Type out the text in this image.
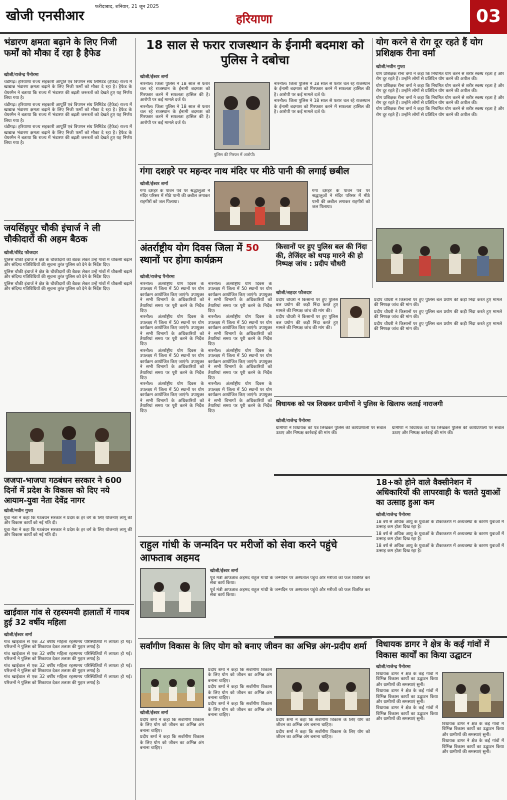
खोजी एनसीआर
फरीदाबाद, शनिवार, 21 जून 2025
हरियाणा	03
भंडारण क्षमता बढ़ाने के लिए निजी फर्मों को मौका दें रहा है हैफेड
खोजी/राजेन्द्र पैनोरमा

चंडीगढ़। हरियाणा राज्य सहकारी आपूर्ति एवं विपणन संघ लिमिटेड (हैफेड) राज्य में खाद्यान्न भंडारण क्षमता बढ़ाने के लिए निजी फर्मों को मौका दे रहा है। हैफेड के चेयरमैन ने बताया कि राज्य में भंडारण की बढ़ती जरूरतों को देखते हुए यह निर्णय लिया गया है।

चंडीगढ़। हरियाणा राज्य सहकारी आपूर्ति एवं विपणन संघ लिमिटेड (हैफेड) राज्य में खाद्यान्न भंडारण क्षमता बढ़ाने के लिए निजी फर्मों को मौका दे रहा है। हैफेड के चेयरमैन ने बताया कि राज्य में भंडारण की बढ़ती जरूरतों को देखते हुए यह निर्णय लिया गया है।

चंडीगढ़। हरियाणा राज्य सहकारी आपूर्ति एवं विपणन संघ लिमिटेड (हैफेड) राज्य में खाद्यान्न भंडारण क्षमता बढ़ाने के लिए निजी फर्मों को मौका दे रहा है। हैफेड के चेयरमैन ने बताया कि राज्य में भंडारण की बढ़ती जरूरतों को देखते हुए यह निर्णय लिया गया है।

जयसिंहपुर चौकी इंचार्ज ने ली चौकीदारों की अहम बैठक
खोजी/वीरेंद्र फौजदार

पुलिस चौकी इंचार्ज ने क्षेत्र के चौकीदारों की बैठक लेकर उन्हें गांवों में चौकसी बढ़ाने और संदिग्ध गतिविधियों की सूचना तुरंत पुलिस को देने के निर्देश दिए।

पुलिस चौकी इंचार्ज ने क्षेत्र के चौकीदारों की बैठक लेकर उन्हें गांवों में चौकसी बढ़ाने और संदिग्ध गतिविधियों की सूचना तुरंत पुलिस को देने के निर्देश दिए।

पुलिस चौकी इंचार्ज ने क्षेत्र के चौकीदारों की बैठक लेकर उन्हें गांवों में चौकसी बढ़ाने और संदिग्ध गतिविधियों की सूचना तुरंत पुलिस को देने के निर्देश दिए।

जजपा-भाजपा गठबंधन सरकार ने 600 दिनों में प्रदेश के विकास को दिए नये आयाम-युवा नेता देवेंद्र नागर
खोजी/नवीन गुप्ता

युवा नेता ने कहा कि गठबंधन सरकार ने प्रदेश के हर वर्ग के लिए योजनाएं लागू कीं और विकास कार्यों को नई गति दी।

युवा नेता ने कहा कि गठबंधन सरकार ने प्रदेश के हर वर्ग के लिए योजनाएं लागू कीं और विकास कार्यों को नई गति दी।

खाईवाल गांव से रहस्यमयी हालातों में गायब हुई 32 वर्षीय महिला
खोजी/ईश्वर शर्मा

गांव खाईवाल से एक 32 वर्षीय महिला रहस्यमय परिस्थितियों में लापता हो गई। परिजनों ने पुलिस को शिकायत देकर तलाश की गुहार लगाई है।

गांव खाईवाल से एक 32 वर्षीय महिला रहस्यमय परिस्थितियों में लापता हो गई। परिजनों ने पुलिस को शिकायत देकर तलाश की गुहार लगाई है।

गांव खाईवाल से एक 32 वर्षीय महिला रहस्यमय परिस्थितियों में लापता हो गई। परिजनों ने पुलिस को शिकायत देकर तलाश की गुहार लगाई है।

गांव खाईवाल से एक 32 वर्षीय महिला रहस्यमय परिस्थितियों में लापता हो गई। परिजनों ने पुलिस को शिकायत देकर तलाश की गुहार लगाई है।

18 साल से फरार राजस्थान के ईनामी बदमाश को पुलिस ने दबोचा
खोजी/ईश्वर शर्मा

नारनौल। जिला पुलिस ने 18 साल से फरार चल रहे राजस्थान के ईनामी बदमाश को गिरफ्तार करने में सफलता हासिल की है। आरोपी पर कई मामले दर्ज थे।

नारनौल। जिला पुलिस ने 18 साल से फरार चल रहे राजस्थान के ईनामी बदमाश को गिरफ्तार करने में सफलता हासिल की है। आरोपी पर कई मामले दर्ज थे।

पुलिस की गिरफ्त में आरोपी।

नारनौल। जिला पुलिस ने 18 साल से फरार चल रहे राजस्थान के ईनामी बदमाश को गिरफ्तार करने में सफलता हासिल की है। आरोपी पर कई मामले दर्ज थे।

नारनौल। जिला पुलिस ने 18 साल से फरार चल रहे राजस्थान के ईनामी बदमाश को गिरफ्तार करने में सफलता हासिल की है। आरोपी पर कई मामले दर्ज थे।

गंगा दशहरे पर महन्दर नाथ मंदिर पर मीठे पानी की लगाई छबील
खोजी/ईश्वर शर्मा

गंगा दशहरे के पावन पर्व पर श्रद्धालुओं ने मंदिर परिसर में मीठे पानी की छबील लगाकर राहगीरों को जल पिलाया।

गंगा दशहरे के पावन पर्व पर श्रद्धालुओं ने मंदिर परिसर में मीठे पानी की छबील लगाकर राहगीरों को जल पिलाया।

अंतर्राष्ट्रीय योग दिवस जिला में 50 स्थानों पर होगा कार्यक्रम
खोजी/राजेन्द्र पैनोरमा

नारनौल। अंतर्राष्ट्रीय योग दिवस के उपलक्ष्य में जिला में 50 स्थानों पर योग कार्यक्रम आयोजित किए जाएंगे। उपायुक्त ने सभी विभागों के अधिकारियों को तैयारियां समय पर पूरी करने के निर्देश दिए।

नारनौल। अंतर्राष्ट्रीय योग दिवस के उपलक्ष्य में जिला में 50 स्थानों पर योग कार्यक्रम आयोजित किए जाएंगे। उपायुक्त ने सभी विभागों के अधिकारियों को तैयारियां समय पर पूरी करने के निर्देश दिए।

नारनौल। अंतर्राष्ट्रीय योग दिवस के उपलक्ष्य में जिला में 50 स्थानों पर योग कार्यक्रम आयोजित किए जाएंगे। उपायुक्त ने सभी विभागों के अधिकारियों को तैयारियां समय पर पूरी करने के निर्देश दिए।

नारनौल। अंतर्राष्ट्रीय योग दिवस के उपलक्ष्य में जिला में 50 स्थानों पर योग कार्यक्रम आयोजित किए जाएंगे। उपायुक्त ने सभी विभागों के अधिकारियों को तैयारियां समय पर पूरी करने के निर्देश दिए।

नारनौल। अंतर्राष्ट्रीय योग दिवस के उपलक्ष्य में जिला में 50 स्थानों पर योग कार्यक्रम आयोजित किए जाएंगे। उपायुक्त ने सभी विभागों के अधिकारियों को तैयारियां समय पर पूरी करने के निर्देश दिए।

नारनौल। अंतर्राष्ट्रीय योग दिवस के उपलक्ष्य में जिला में 50 स्थानों पर योग कार्यक्रम आयोजित किए जाएंगे। उपायुक्त ने सभी विभागों के अधिकारियों को तैयारियां समय पर पूरी करने के निर्देश दिए।

नारनौल। अंतर्राष्ट्रीय योग दिवस के उपलक्ष्य में जिला में 50 स्थानों पर योग कार्यक्रम आयोजित किए जाएंगे। उपायुक्त ने सभी विभागों के अधिकारियों को तैयारियां समय पर पूरी करने के निर्देश दिए।

नारनौल। अंतर्राष्ट्रीय योग दिवस के उपलक्ष्य में जिला में 50 स्थानों पर योग कार्यक्रम आयोजित किए जाएंगे। उपायुक्त ने सभी विभागों के अधिकारियों को तैयारियां समय पर पूरी करने के निर्देश दिए।

किसानों पर हुए पुलिस बल की निंदा की, तेजिंदर को थपड़ मारने की हो निष्पक्ष जांच : प्रदीप चौधरी
खोजी/शहदर फौजदार

प्रदीप चौधरी ने किसानों पर हुए पुलिस बल प्रयोग की कड़ी निंदा करते हुए मामले की निष्पक्ष जांच की मांग की।

प्रदीप चौधरी ने किसानों पर हुए पुलिस बल प्रयोग की कड़ी निंदा करते हुए मामले की निष्पक्ष जांच की मांग की।

प्रदीप चौधरी ने किसानों पर हुए पुलिस बल प्रयोग की कड़ी निंदा करते हुए मामले की निष्पक्ष जांच की मांग की।

प्रदीप चौधरी ने किसानों पर हुए पुलिस बल प्रयोग की कड़ी निंदा करते हुए मामले की निष्पक्ष जांच की मांग की।

प्रदीप चौधरी ने किसानों पर हुए पुलिस बल प्रयोग की कड़ी निंदा करते हुए मामले की निष्पक्ष जांच की मांग की।

विधायक को पत्र लिखकर ग्रामीणों ने पुलिस के खिलाफ जताई नाराजगी
खोजी/राजेन्द्र पैनोरमा

ग्रामीणों ने विधायक को पत्र लिखकर पुलिस की कार्यप्रणाली पर सवाल उठाए और निष्पक्ष कार्रवाई की मांग की।

ग्रामीणों ने विधायक को पत्र लिखकर पुलिस की कार्यप्रणाली पर सवाल उठाए और निष्पक्ष कार्रवाई की मांग की।

योग करने से रोग दूर रहते हैं योग प्रशिक्षक रीना वर्मा
खोजी/नवीन गुप्ता

योग प्रशिक्षक रीना वर्मा ने कहा कि नियमित योग करने से शरीर स्वस्थ रहता है और रोग दूर रहते हैं। उन्होंने लोगों से प्रतिदिन योग करने की अपील की।

योग प्रशिक्षक रीना वर्मा ने कहा कि नियमित योग करने से शरीर स्वस्थ रहता है और रोग दूर रहते हैं। उन्होंने लोगों से प्रतिदिन योग करने की अपील की।

योग प्रशिक्षक रीना वर्मा ने कहा कि नियमित योग करने से शरीर स्वस्थ रहता है और रोग दूर रहते हैं। उन्होंने लोगों से प्रतिदिन योग करने की अपील की।

योग प्रशिक्षक रीना वर्मा ने कहा कि नियमित योग करने से शरीर स्वस्थ रहता है और रोग दूर रहते हैं। उन्होंने लोगों से प्रतिदिन योग करने की अपील की।

18+को होने वाले वैक्सीनेशन में अधिकारियों की लापरवाही के चलते युवाओं का उत्साह हुआ कम
खोजी/राजेन्द्र पैनोरमा

18 वर्ष से अधिक आयु के युवाओं के टीकाकरण में अव्यवस्था के कारण युवाओं में उत्साह कम होता दिख रहा है।

18 वर्ष से अधिक आयु के युवाओं के टीकाकरण में अव्यवस्था के कारण युवाओं में उत्साह कम होता दिख रहा है।

18 वर्ष से अधिक आयु के युवाओं के टीकाकरण में अव्यवस्था के कारण युवाओं में उत्साह कम होता दिख रहा है।

राहुल गांधी के जन्मदिन पर मरीजों को सेवा करने पहुंचे आफताब अहमद
खोजी/ईश्वर शर्मा

पूर्व मंत्री आफताब अहमद राहुल गांधी के जन्मदिन पर अस्पताल पहुंचे और मरीजों को फल वितरित कर सेवा कार्य किया।

पूर्व मंत्री आफताब अहमद राहुल गांधी के जन्मदिन पर अस्पताल पहुंचे और मरीजों को फल वितरित कर सेवा कार्य किया।

सर्वांगीण विकास के लिए योग को बनाए जीवन का अभिन्न अंग-प्रदीप शर्मा
खोजी/ईश्वर शर्मा

प्रदीप शर्मा ने कहा कि सर्वांगीण विकास के लिए योग को जीवन का अभिन्न अंग बनाना चाहिए।

प्रदीप शर्मा ने कहा कि सर्वांगीण विकास के लिए योग को जीवन का अभिन्न अंग बनाना चाहिए।

प्रदीप शर्मा ने कहा कि सर्वांगीण विकास के लिए योग को जीवन का अभिन्न अंग बनाना चाहिए।

प्रदीप शर्मा ने कहा कि सर्वांगीण विकास के लिए योग को जीवन का अभिन्न अंग बनाना चाहिए।

प्रदीप शर्मा ने कहा कि सर्वांगीण विकास के लिए योग को जीवन का अभिन्न अंग बनाना चाहिए।

प्रदीप शर्मा ने कहा कि सर्वांगीण विकास के लिए योग को जीवन का अभिन्न अंग बनाना चाहिए।

प्रदीप शर्मा ने कहा कि सर्वांगीण विकास के लिए योग को जीवन का अभिन्न अंग बनाना चाहिए।

विधायक डागर ने क्षेत्र के कई गांवों में विकास कार्यों का किया उद्घाटन
खोजी/राजेन्द्र पैनोरमा

विधायक डागर ने क्षेत्र के कई गांवों में विभिन्न विकास कार्यों का उद्घाटन किया और ग्रामीणों की समस्याएं सुनीं।

विधायक डागर ने क्षेत्र के कई गांवों में विभिन्न विकास कार्यों का उद्घाटन किया और ग्रामीणों की समस्याएं सुनीं।

विधायक डागर ने क्षेत्र के कई गांवों में विभिन्न विकास कार्यों का उद्घाटन किया और ग्रामीणों की समस्याएं सुनीं।

विधायक डागर ने क्षेत्र के कई गांवों में विभिन्न विकास कार्यों का उद्घाटन किया और ग्रामीणों की समस्याएं सुनीं।

विधायक डागर ने क्षेत्र के कई गांवों में विभिन्न विकास कार्यों का उद्घाटन किया और ग्रामीणों की समस्याएं सुनीं।
